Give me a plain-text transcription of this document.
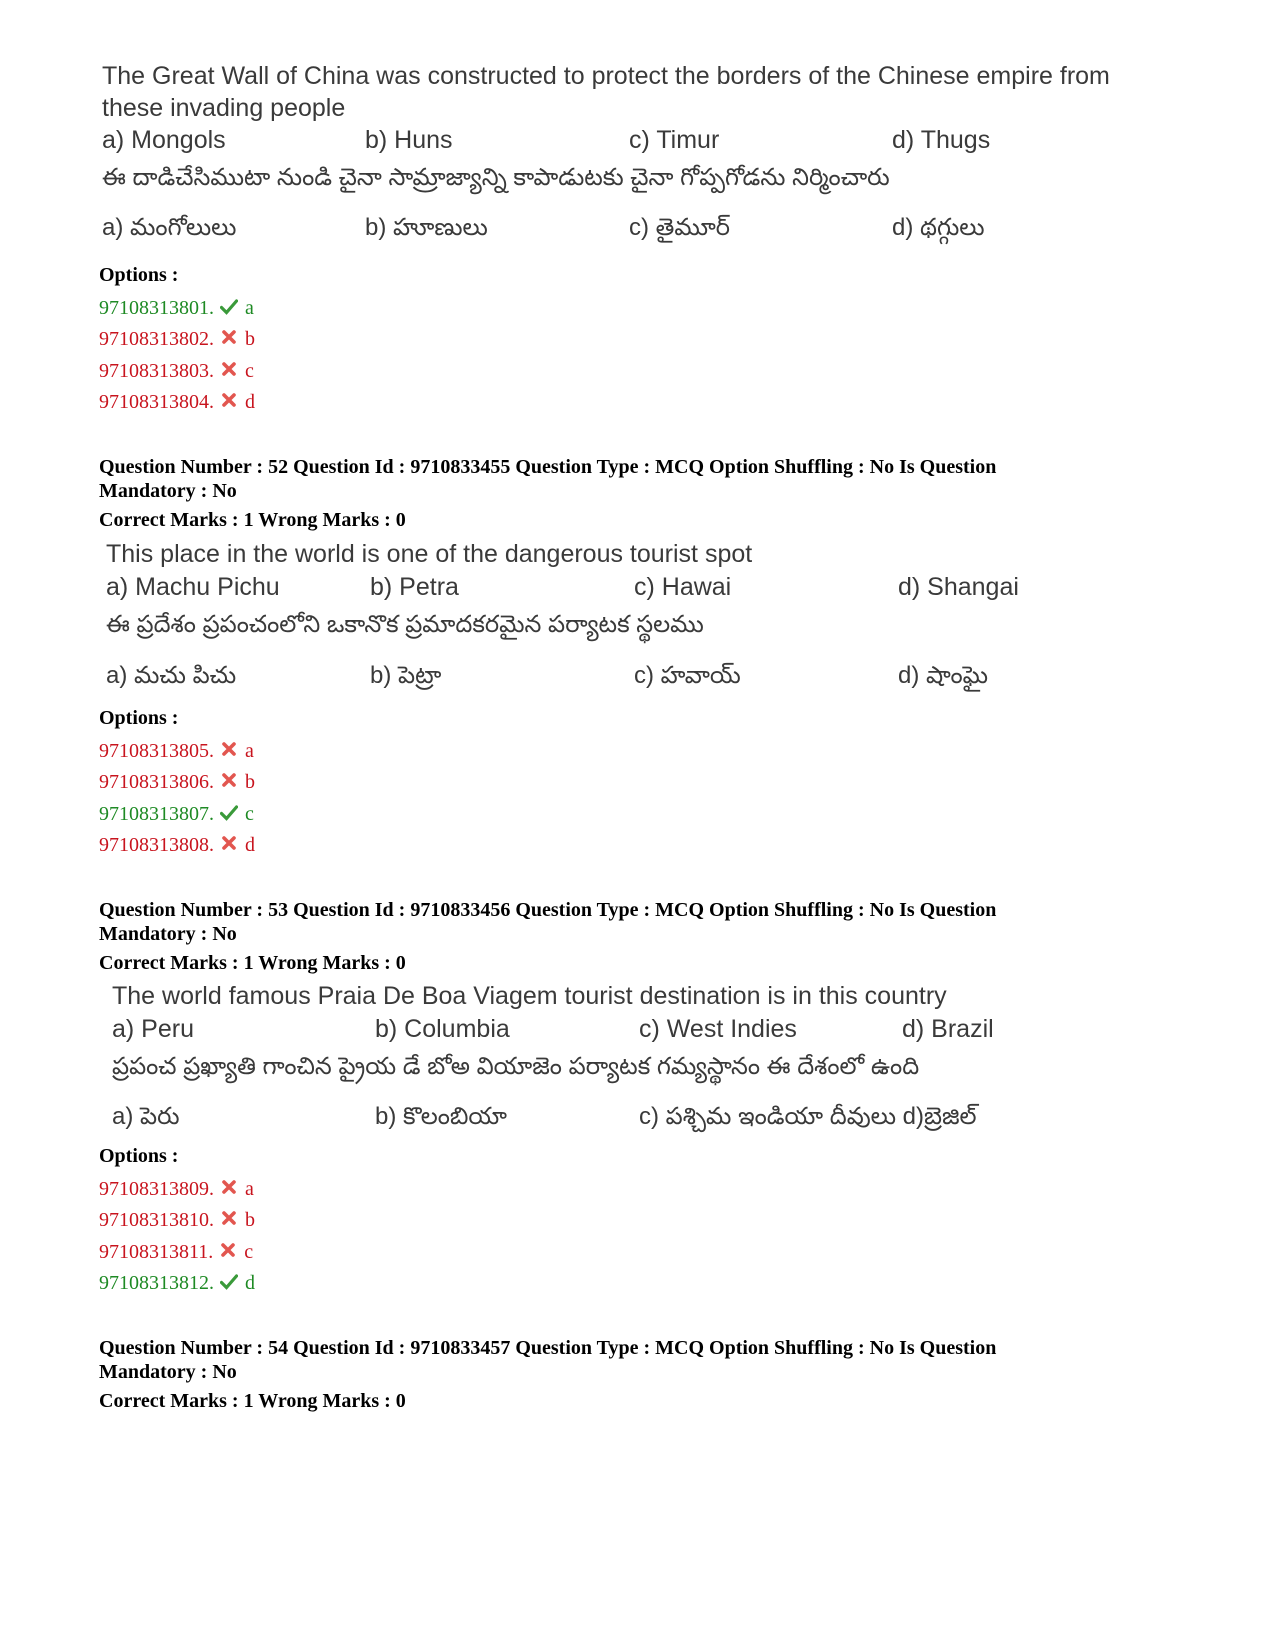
The Great Wall of China was constructed to protect the borders of the Chinese empire from
these invading people
a) Mongols	b) Huns	c) Timur	d) Thugs
ఈ దాడిచేసిముటా నుండి చైనా సామ్రాజ్యాన్ని కాపాడుటకు చైనా గోప్పగోడను నిర్మించారు
a) మంగోలులు	b) హూణులు	c) తైమూర్	d) థగ్గులు
Options :
97108313801. a
97108313802. b
97108313803. c
97108313804. d
Question Number : 52 Question Id : 9710833455 Question Type : MCQ Option Shuffling : No Is Question
Mandatory : No
Correct Marks : 1 Wrong Marks : 0
This place in the world is one of the dangerous tourist spot
a) Machu Pichu	b) Petra	c) Hawai	d) Shangai
ఈ ప్రదేశం ప్రపంచంలోని ఒకానొక ప్రమాదకరమైన పర్యాటక స్థలము
a) మచు పిచు	b) పెట్రా	c) హవాయ్	d) షాంఘై
Options :
97108313805. a
97108313806. b
97108313807. c
97108313808. d
Question Number : 53 Question Id : 9710833456 Question Type : MCQ Option Shuffling : No Is Question
Mandatory : No
Correct Marks : 1 Wrong Marks : 0
The world famous Praia De Boa Viagem tourist destination is in this country
a) Peru	b) Columbia	c) West Indies	d) Brazil
ప్రపంచ ప్రఖ్యాతి గాంచిన ప్రైయ డే బోఅ వియాజెం పర్యాటక గమ్యస్థానం ఈ దేశంలో ఉంది
a) పెరు	b) కొలంబియా	c) పశ్చిమ ఇండియా దీవులు d)బ్రెజిల్
Options :
97108313809. a
97108313810. b
97108313811. c
97108313812. d
Question Number : 54 Question Id : 9710833457 Question Type : MCQ Option Shuffling : No Is Question
Mandatory : No
Correct Marks : 1 Wrong Marks : 0
